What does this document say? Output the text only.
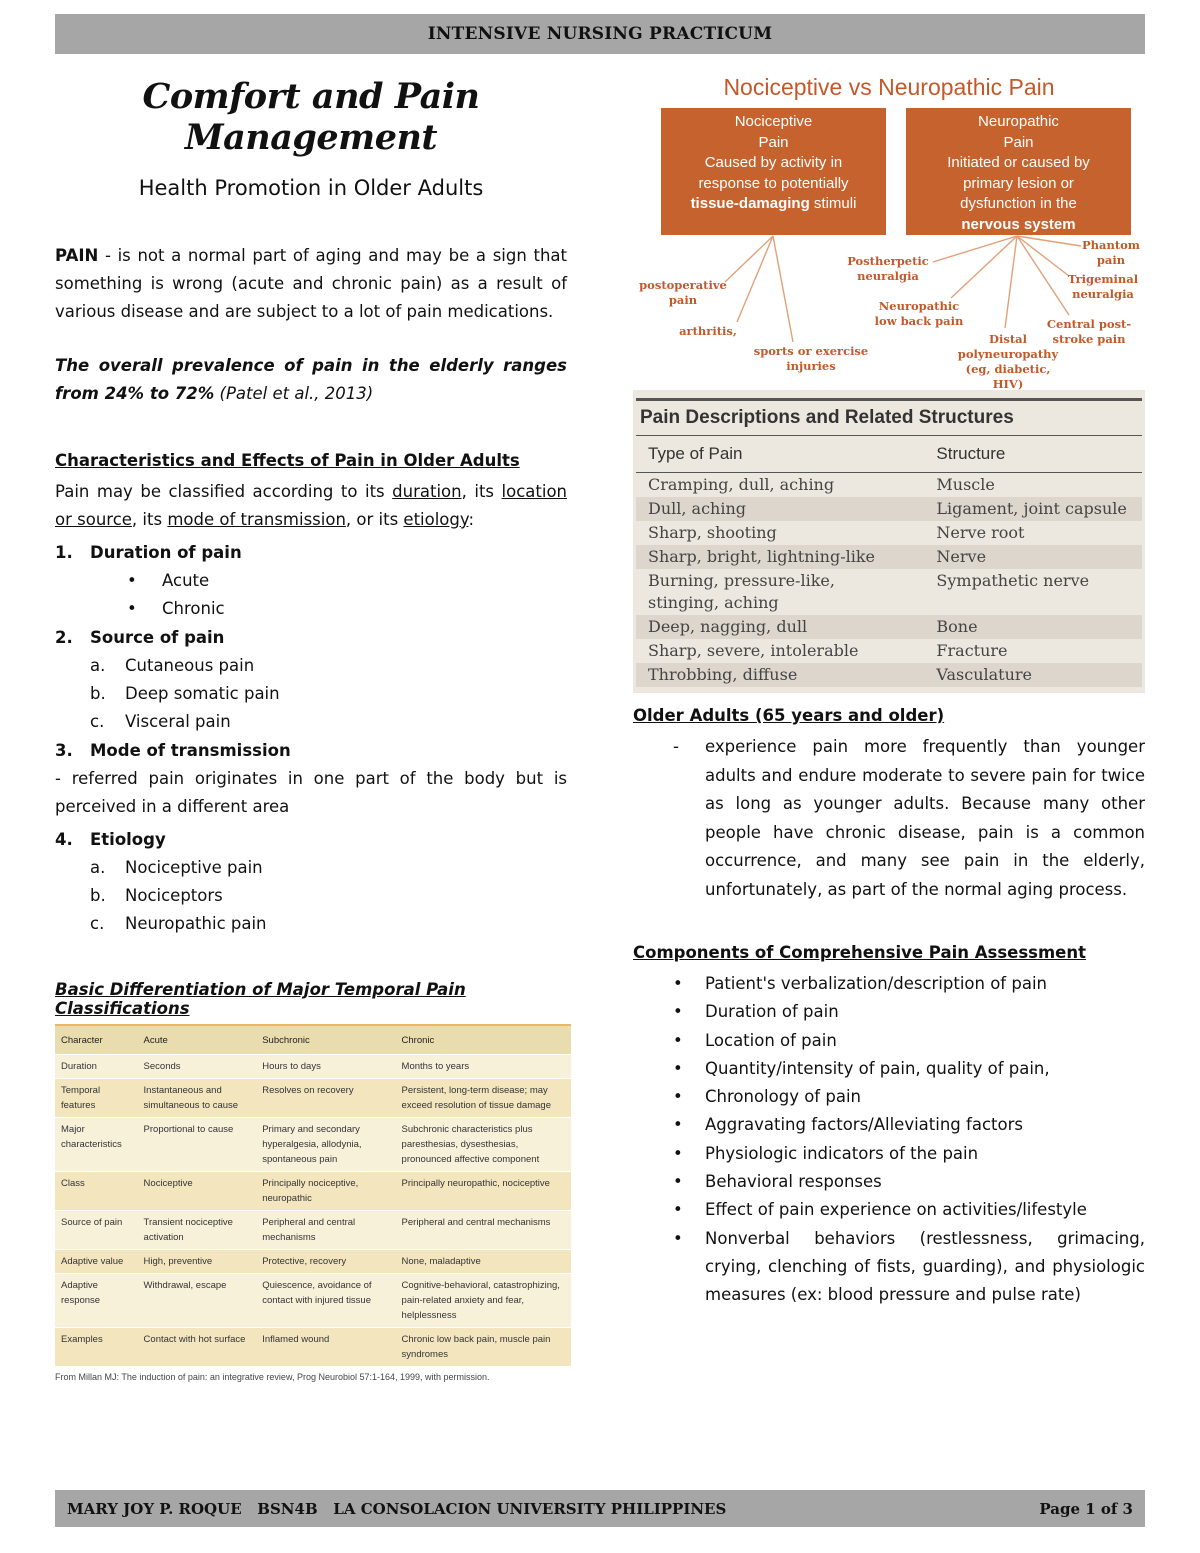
INTENSIVE NURSING PRACTICUM
Comfort and Pain Management
Health Promotion in Older Adults

PAIN - is not a normal part of aging and may be a sign that something is wrong (acute and chronic pain) as a result of various disease and are subject to a lot of pain medications.

The overall prevalence of pain in the elderly ranges from 24% to 72% (Patel et al., 2013)

Characteristics and Effects of Pain in Older Adults

Pain may be classified according to its duration, its location or source, its mode of transmission, or its etiology:

1.	Duration of pain
•	Acute
•	Chronic
2.	Source of pain
a.	Cutaneous pain
b.	Deep somatic pain
c.	Visceral pain
3.	Mode of transmission

- referred pain originates in one part of the body but is perceived in a different area

4.	Etiology
a.	Nociceptive pain
b.	Nociceptors
c.	Neuropathic pain
Basic Differentiation of Major Temporal Pain Classifications
Character	Acute	Subchronic	Chronic
Duration	Seconds	Hours to days	Months to years
Temporal features	Instantaneous and simultaneous to cause	Resolves on recovery	Persistent, long-term disease; may exceed resolution of tissue damage
Major characteristics	Proportional to cause	Primary and secondary hyperalgesia, allodynia, spontaneous pain	Subchronic characteristics plus paresthesias, dysesthesias, pronounced affective component
Class	Nociceptive	Principally nociceptive, neuropathic	Principally neuropathic, nociceptive
Source of pain	Transient nociceptive activation	Peripheral and central mechanisms	Peripheral and central mechanisms
Adaptive value	High, preventive	Protective, recovery	None, maladaptive
Adaptive response	Withdrawal, escape	Quiescence, avoidance of contact with injured tissue	Cognitive-behavioral, catastrophizing, pain-related anxiety and fear, helplessness
Examples	Contact with hot surface	Inflamed wound	Chronic low back pain, muscle pain syndromes
From Millan MJ: The induction of pain: an integrative review, Prog Neurobiol 57:1-164, 1999, with permission.
Nociceptive vs Neuropathic Pain
Nociceptive
Pain
Caused by activity in
response to potentially
tissue-damaging stimuli
Neuropathic
Pain
Initiated or caused by
primary lesion or
dysfunction in the
nervous system
postoperative pain
arthritis,
sports or exercise injuries
Postherpetic neuralgia
Neuropathic low back pain
Distal polyneuropathy (eg, diabetic, HIV)
Phantom pain
Trigeminal neuralgia
Central post-stroke pain
Pain Descriptions and Related Structures
Type of Pain	Structure
Cramping, dull, aching	Muscle
Dull, aching	Ligament, joint capsule
Sharp, shooting	Nerve root
Sharp, bright, lightning-like	Nerve
Burning, pressure-like, stinging, aching	Sympathetic nerve
Deep, nagging, dull	Bone
Sharp, severe, intolerable	Fracture
Throbbing, diffuse	Vasculature
Older Adults (65 years and older)
-	experience pain more frequently than younger adults and endure moderate to severe pain for twice as long as younger adults. Because many other people have chronic disease, pain is a common occurrence, and many see pain in the elderly, unfortunately, as part of the normal aging process.
Components of Comprehensive Pain Assessment
•	Patient's verbalization/description of pain
•	Duration of pain
•	Location of pain
•	Quantity/intensity of pain, quality of pain,
•	Chronology of pain
•	Aggravating factors/Alleviating factors
•	Physiologic indicators of the pain
•	Behavioral responses
•	Effect of pain experience on activities/lifestyle
•	Nonverbal behaviors (restlessness, grimacing, crying, clenching of fists, guarding), and physiologic measures (ex: blood pressure and pulse rate)
MARY JOY P. ROQUE   BSN4B   LA CONSOLACION UNIVERSITY PHILIPPINES	Page 1 of 3
